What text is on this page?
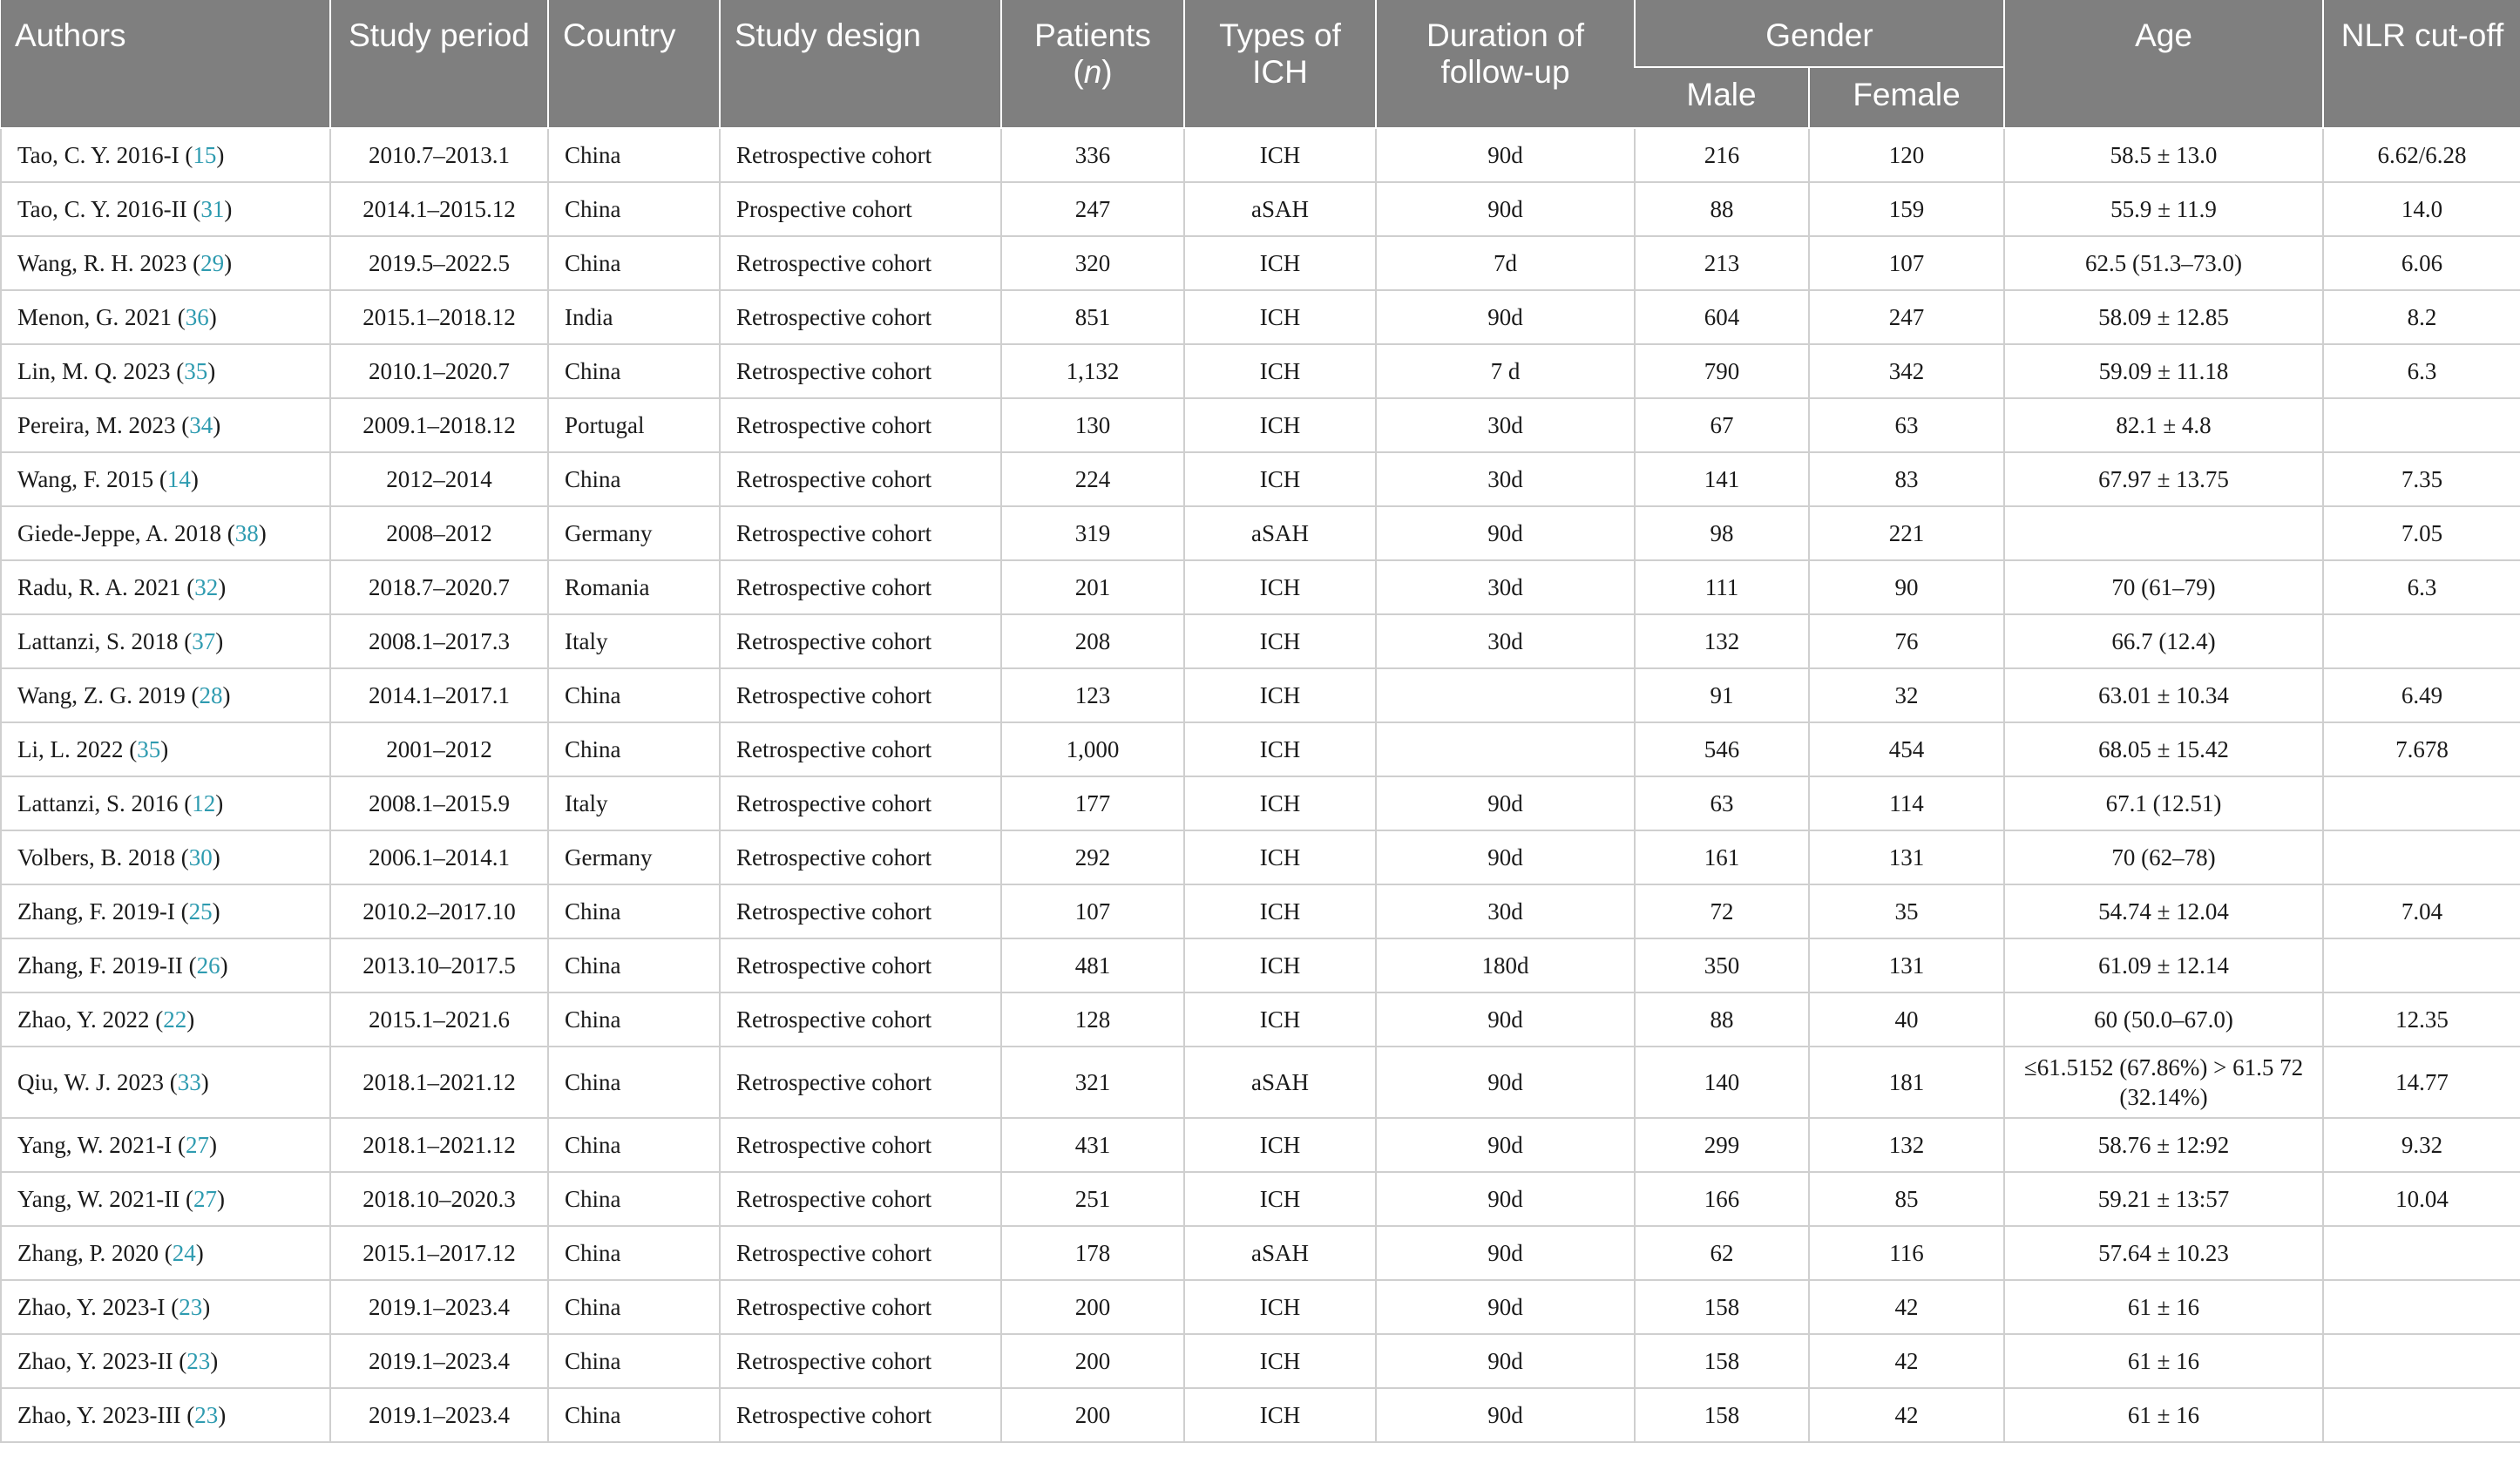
Authors	Study period	Country	Study design	Patients (n)	Types of ICH	Duration of follow-up	Gender		Age	NLR cut-off
							Male	Female		
Tao, C. Y. 2016-I (15)	2010.7–2013.1	China	Retrospective cohort	336	ICH	90d	216	120	58.5 ± 13.0	6.62/6.28
Tao, C. Y. 2016-II (31)	2014.1–2015.12	China	Prospective cohort	247	aSAH	90d	88	159	55.9 ± 11.9	14.0
Wang, R. H. 2023 (29)	2019.5–2022.5	China	Retrospective cohort	320	ICH	7d	213	107	62.5 (51.3–73.0)	6.06
Menon, G. 2021 (36)	2015.1–2018.12	India	Retrospective cohort	851	ICH	90d	604	247	58.09 ± 12.85	8.2
Lin, M. Q. 2023 (35)	2010.1–2020.7	China	Retrospective cohort	1,132	ICH	7 d	790	342	59.09 ± 11.18	6.3
Pereira, M. 2023 (34)	2009.1–2018.12	Portugal	Retrospective cohort	130	ICH	30d	67	63	82.1 ± 4.8	
Wang, F. 2015 (14)	2012–2014	China	Retrospective cohort	224	ICH	30d	141	83	67.97 ± 13.75	7.35
Giede-Jeppe, A. 2018 (38)	2008–2012	Germany	Retrospective cohort	319	aSAH	90d	98	221		7.05
Radu, R. A. 2021 (32)	2018.7–2020.7	Romania	Retrospective cohort	201	ICH	30d	111	90	70 (61–79)	6.3
Lattanzi, S. 2018 (37)	2008.1–2017.3	Italy	Retrospective cohort	208	ICH	30d	132	76	66.7 (12.4)	
Wang, Z. G. 2019 (28)	2014.1–2017.1	China	Retrospective cohort	123	ICH		91	32	63.01 ± 10.34	6.49
Li, L. 2022 (35)	2001–2012	China	Retrospective cohort	1,000	ICH		546	454	68.05 ± 15.42	7.678
Lattanzi, S. 2016 (12)	2008.1–2015.9	Italy	Retrospective cohort	177	ICH	90d	63	114	67.1 (12.51)	
Volbers, B. 2018 (30)	2006.1–2014.1	Germany	Retrospective cohort	292	ICH	90d	161	131	70 (62–78)	
Zhang, F. 2019-I (25)	2010.2–2017.10	China	Retrospective cohort	107	ICH	30d	72	35	54.74 ± 12.04	7.04
Zhang, F. 2019-II (26)	2013.10–2017.5	China	Retrospective cohort	481	ICH	180d	350	131	61.09 ± 12.14	
Zhao, Y. 2022 (22)	2015.1–2021.6	China	Retrospective cohort	128	ICH	90d	88	40	60 (50.0–67.0)	12.35
Qiu, W. J. 2023 (33)	2018.1–2021.12	China	Retrospective cohort	321	aSAH	90d	140	181	≤61.5152 (67.86%) > 61.5 72 (32.14%)	14.77
Yang, W. 2021-I (27)	2018.1–2021.12	China	Retrospective cohort	431	ICH	90d	299	132	58.76 ± 12:92	9.32
Yang, W. 2021-II (27)	2018.10–2020.3	China	Retrospective cohort	251	ICH	90d	166	85	59.21 ± 13:57	10.04
Zhang, P. 2020 (24)	2015.1–2017.12	China	Retrospective cohort	178	aSAH	90d	62	116	57.64 ± 10.23	
Zhao, Y. 2023-I (23)	2019.1–2023.4	China	Retrospective cohort	200	ICH	90d	158	42	61 ± 16	
Zhao, Y. 2023-II (23)	2019.1–2023.4	China	Retrospective cohort	200	ICH	90d	158	42	61 ± 16	
Zhao, Y. 2023-III (23)	2019.1–2023.4	China	Retrospective cohort	200	ICH	90d	158	42	61 ± 16	
